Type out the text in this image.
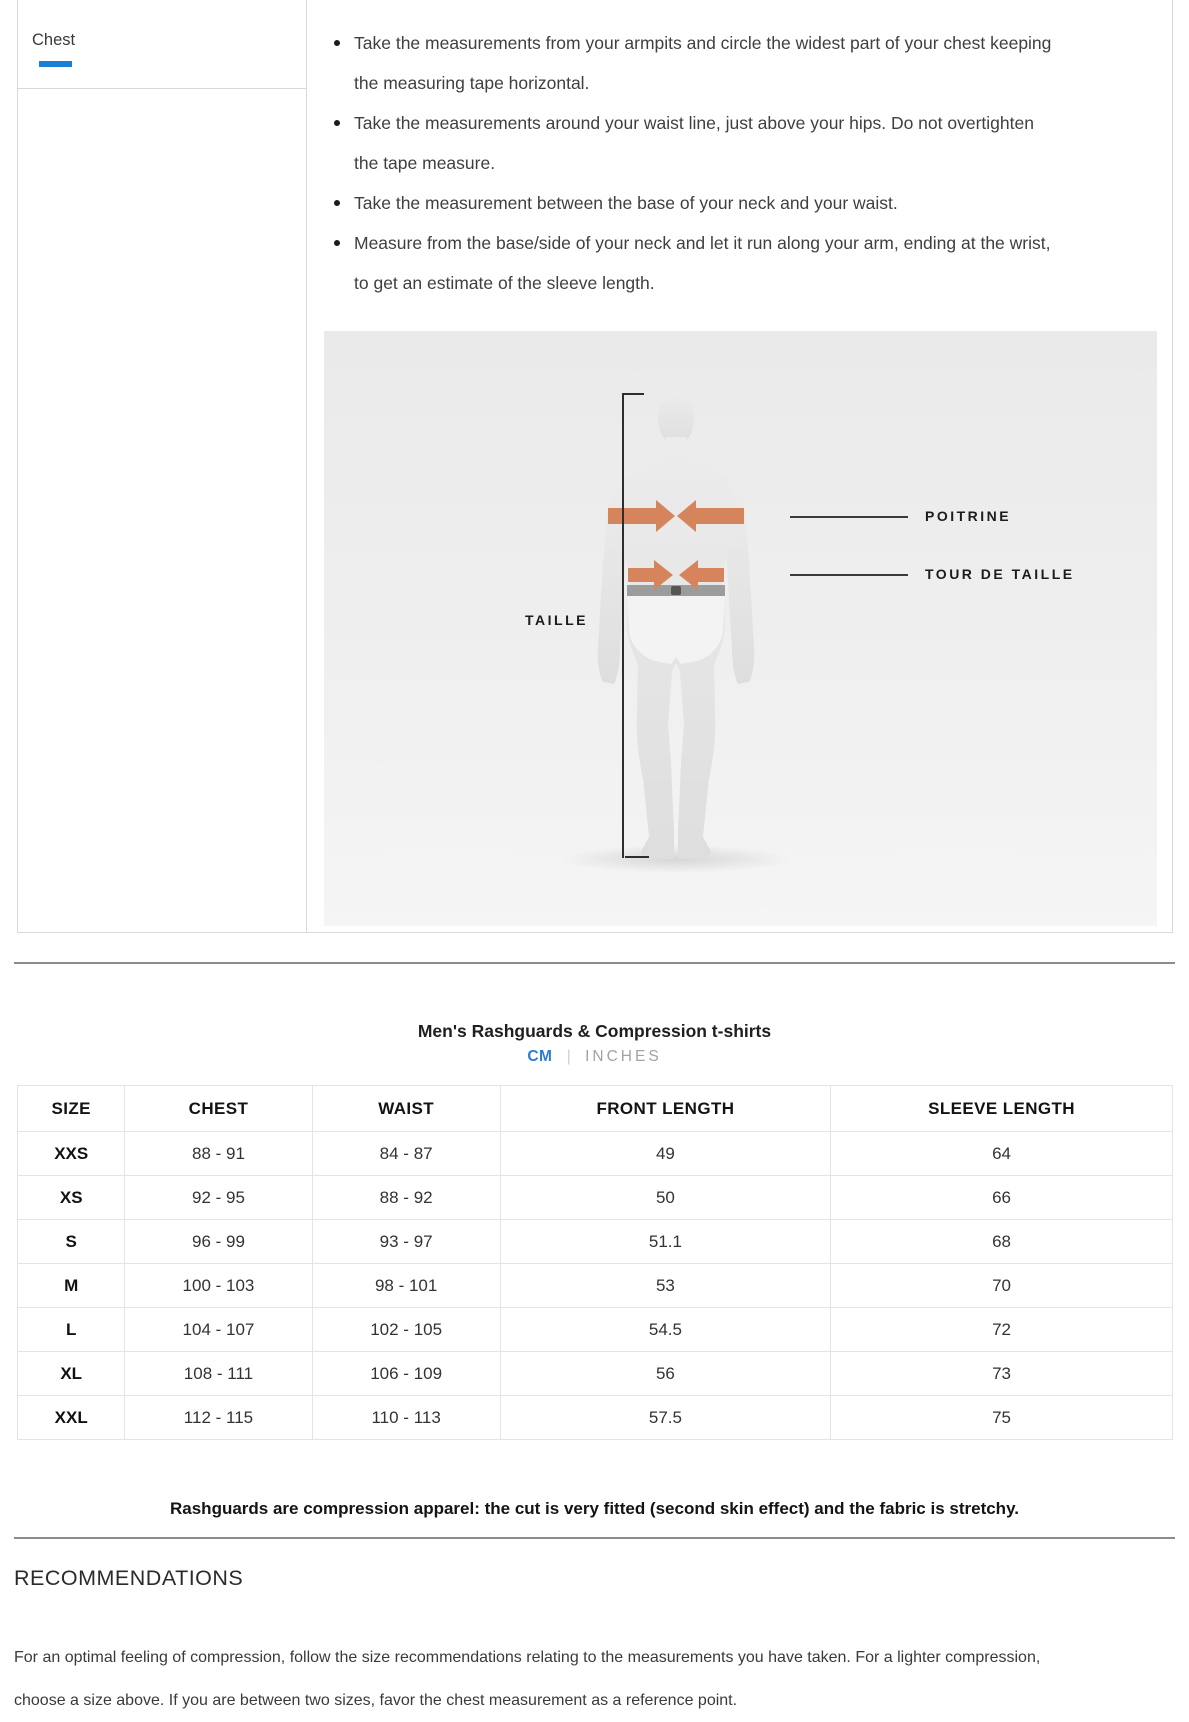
Chest	Take the measurements from your armpits and circle the widest part of your chest keeping the measuring tape horizontal.
Take the measurements around your waist line, just above your hips. Do not overtighten the tape measure.
Take the measurement between the base of your neck and your waist.
Measure from the base/side of your neck and let it run along your arm, ending at the wrist, to get an estimate of the sleeve length.
POITRINE
TOUR DE TAILLE
TAILLE
Men's Rashguards & Compression t-shirts
CM | INCHES
SIZE	CHEST	WAIST	FRONT LENGTH	SLEEVE LENGTH
XXS	88 - 91	84 - 87	49	64
XS	92 - 95	88 - 92	50	66
S	96 - 99	93 - 97	51.1	68
M	100 - 103	98 - 101	53	70
L	104 - 107	102 - 105	54.5	72
XL	108 - 111	106 - 109	56	73
XXL	112 - 115	110 - 113	57.5	75

Rashguards are compression apparel: the cut is very fitted (second skin effect) and the fabric is stretchy.

RECOMMENDATIONS

For an optimal feeling of compression, follow the size recommendations relating to the measurements you have taken. For a lighter compression, choose a size above. If you are between two sizes, favor the chest measurement as a reference point.
